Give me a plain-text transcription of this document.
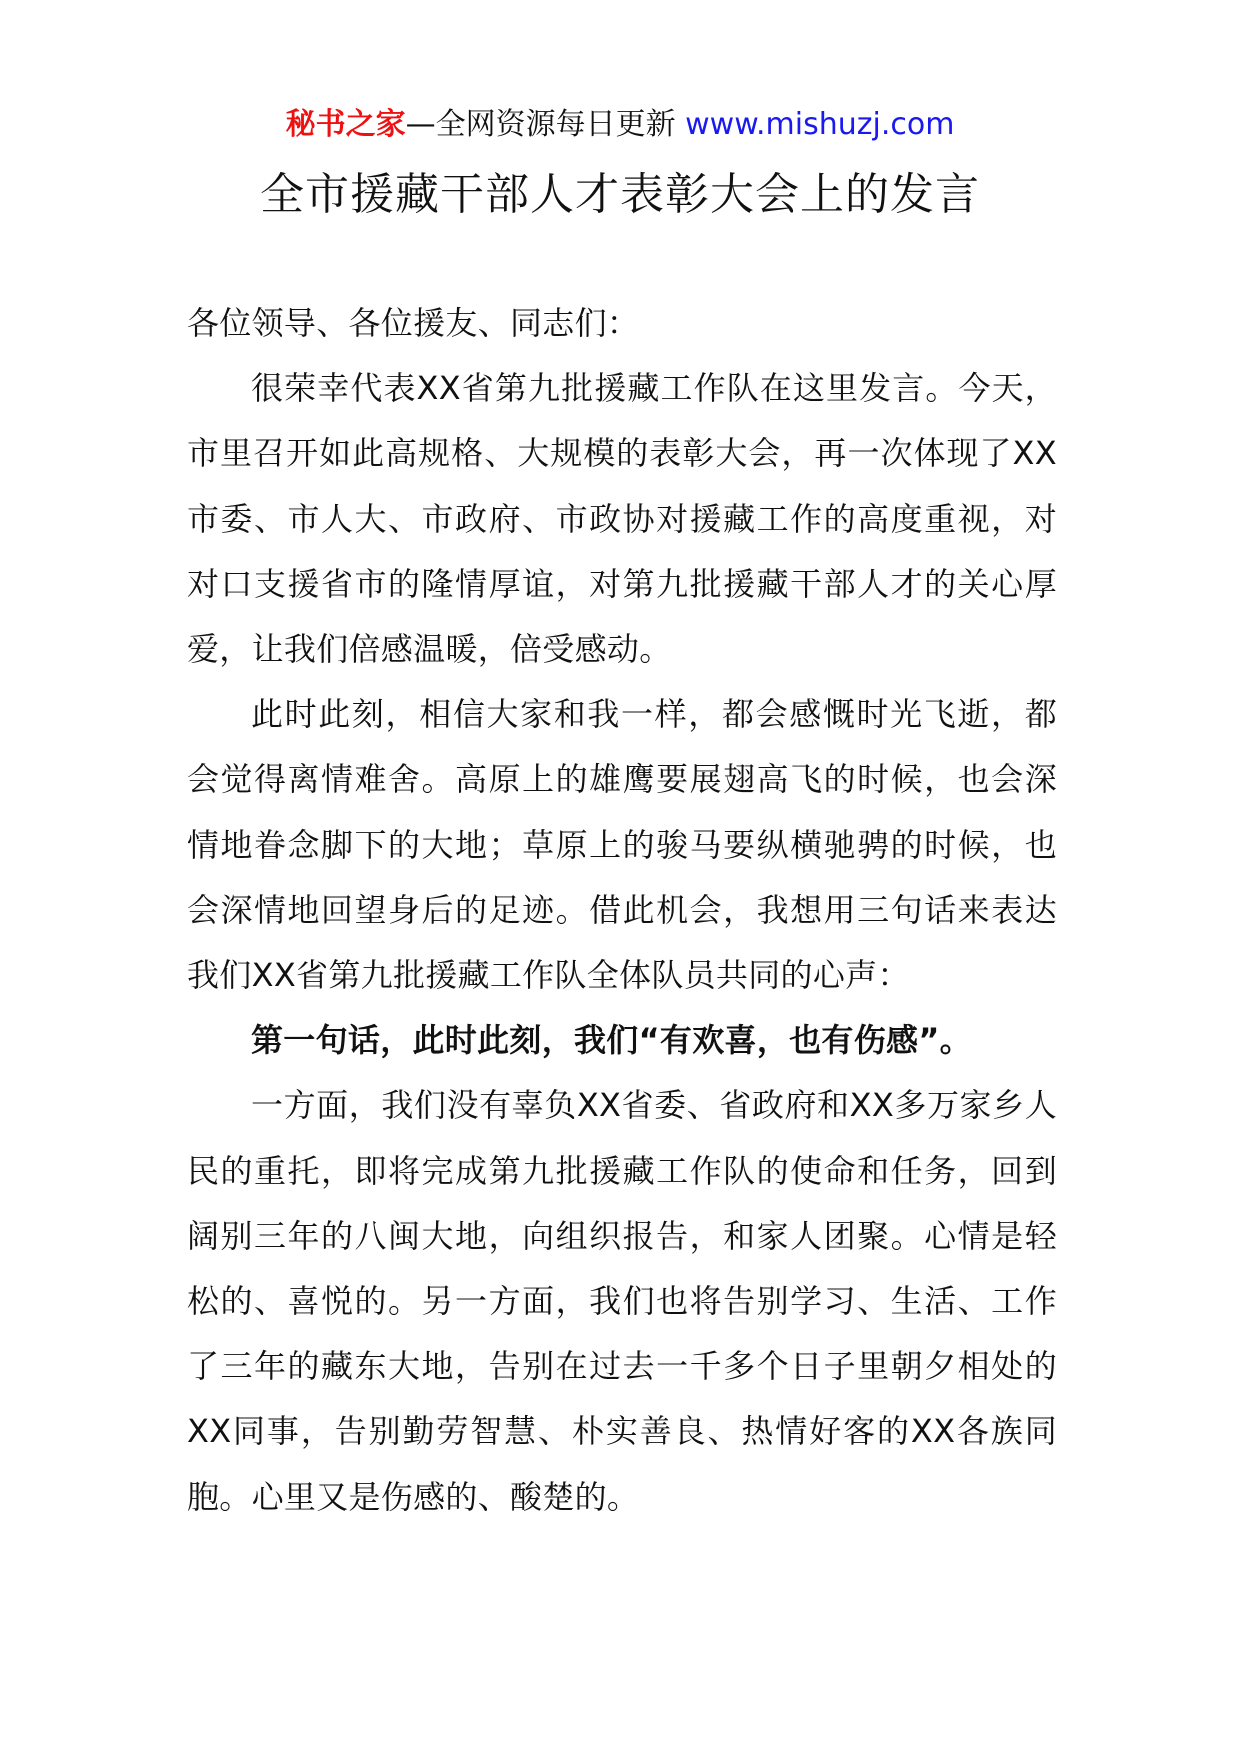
秘书之家—全网资源每日更新 www.mishuzj.com
全市援藏干部人才表彰大会上的发言

各位领导、各位援友、同志们：

很荣幸代表XX省第九批援藏工作队在这里发言。今天，市里召开如此高规格、大规模的表彰大会，再一次体现了XX市委、市人大、市政府、市政协对援藏工作的高度重视，对对口支援省市的隆情厚谊，对第九批援藏干部人才的关心厚爱，让我们倍感温暖，倍受感动。

此时此刻，相信大家和我一样，都会感慨时光飞逝，都会觉得离情难舍。高原上的雄鹰要展翅高飞的时候，也会深情地眷念脚下的大地；草原上的骏马要纵横驰骋的时候，也会深情地回望身后的足迹。借此机会，我想用三句话来表达我们XX省第九批援藏工作队全体队员共同的心声：

第一句话，此时此刻，我们“有欢喜，也有伤感”。

一方面，我们没有辜负XX省委、省政府和XX多万家乡人民的重托，即将完成第九批援藏工作队的使命和任务，回到阔别三年的八闽大地，向组织报告，和家人团聚。心情是轻松的、喜悦的。另一方面，我们也将告别学习、生活、工作了三年的藏东大地，告别在过去一千多个日子里朝夕相处的XX同事，告别勤劳智慧、朴实善良、热情好客的XX各族同胞。心里又是伤感的、酸楚的。
